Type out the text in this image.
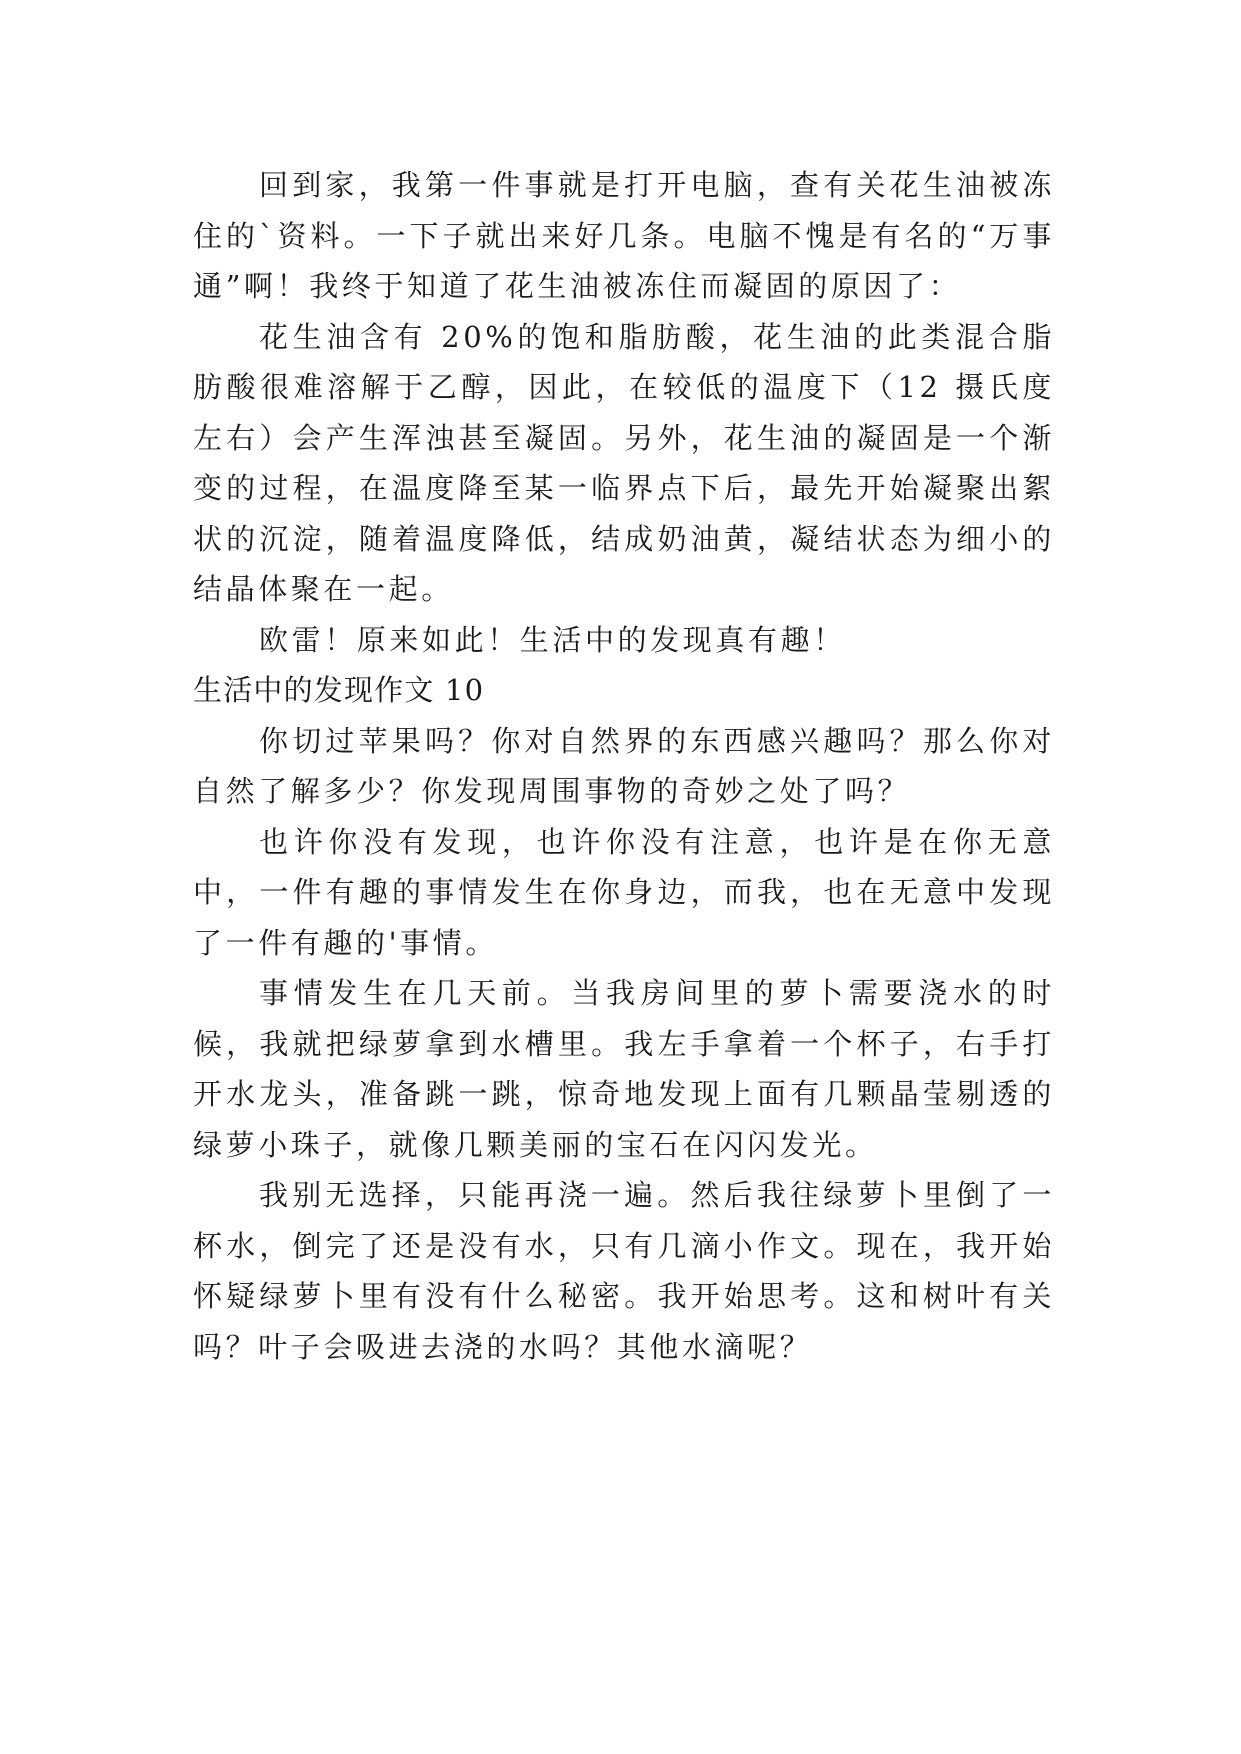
回到家，我第一件事就是打开电脑，查有关花生油被冻住的`资料。一下子就出来好几条。电脑不愧是有名的“万事通”啊！我终于知道了花生油被冻住而凝固的原因了：

花生油含有 20%的饱和脂肪酸，花生油的此类混合脂肪酸很难溶解于乙醇，因此，在较低的温度下（12 摄氏度左右）会产生浑浊甚至凝固。另外，花生油的凝固是一个渐变的过程，在温度降至某一临界点下后，最先开始凝聚出絮状的沉淀，随着温度降低，结成奶油黄，凝结状态为细小的结晶体聚在一起。

欧雷！原来如此！生活中的发现真有趣！

生活中的发现作文 10

你切过苹果吗？你对自然界的东西感兴趣吗？那么你对自然了解多少？你发现周围事物的奇妙之处了吗？

也许你没有发现，也许你没有注意，也许是在你无意中，一件有趣的事情发生在你身边，而我，也在无意中发现了一件有趣的'事情。

事情发生在几天前。当我房间里的萝卜需要浇水的时候，我就把绿萝拿到水槽里。我左手拿着一个杯子，右手打开水龙头，准备跳一跳，惊奇地发现上面有几颗晶莹剔透的绿萝小珠子，就像几颗美丽的宝石在闪闪发光。

我别无选择，只能再浇一遍。然后我往绿萝卜里倒了一杯水，倒完了还是没有水，只有几滴小作文。现在，我开始怀疑绿萝卜里有没有什么秘密。我开始思考。这和树叶有关吗？叶子会吸进去浇的水吗？其他水滴呢？
